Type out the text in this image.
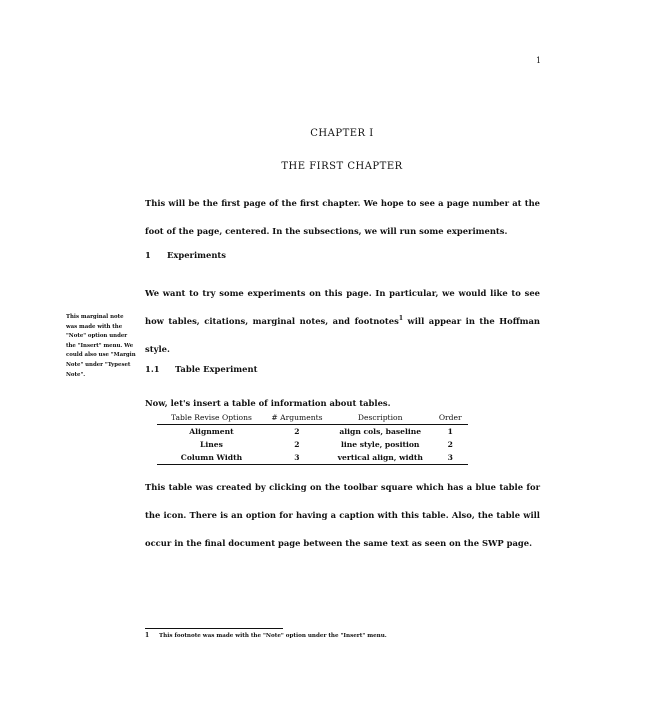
1
CHAPTER I
THE FIRST CHAPTER

This will be the first page of the first chapter. We hope to see a page number at the foot of the page, centered. In the subsections, we will run some experiments.

1 Experiments

We want to try some experiments on this page. In particular, we would like to see how tables, citations, marginal notes, and footnotes$^1$ will appear in the Hoffman style.

This marginal note was made with the "Note" option under the "Insert" menu. We could also use "Margin Note" under "Typeset Note".
1.1 Table Experiment
Now, let's insert a table of information about tables.
Table Revise Options	# Arguments	Description	Order
Alignment	2	align cols, baseline	1
Lines	2	line style, position	2
Column Width	3	vertical align, width	3

This table was created by clicking on the toolbar square which has a blue table for the icon. There is an option for having a caption with this table. Also, the table will occur in the final document page between the same text as seen on the SWP page.

1 This footnote was made with the "Note" option under the "Insert" menu.
